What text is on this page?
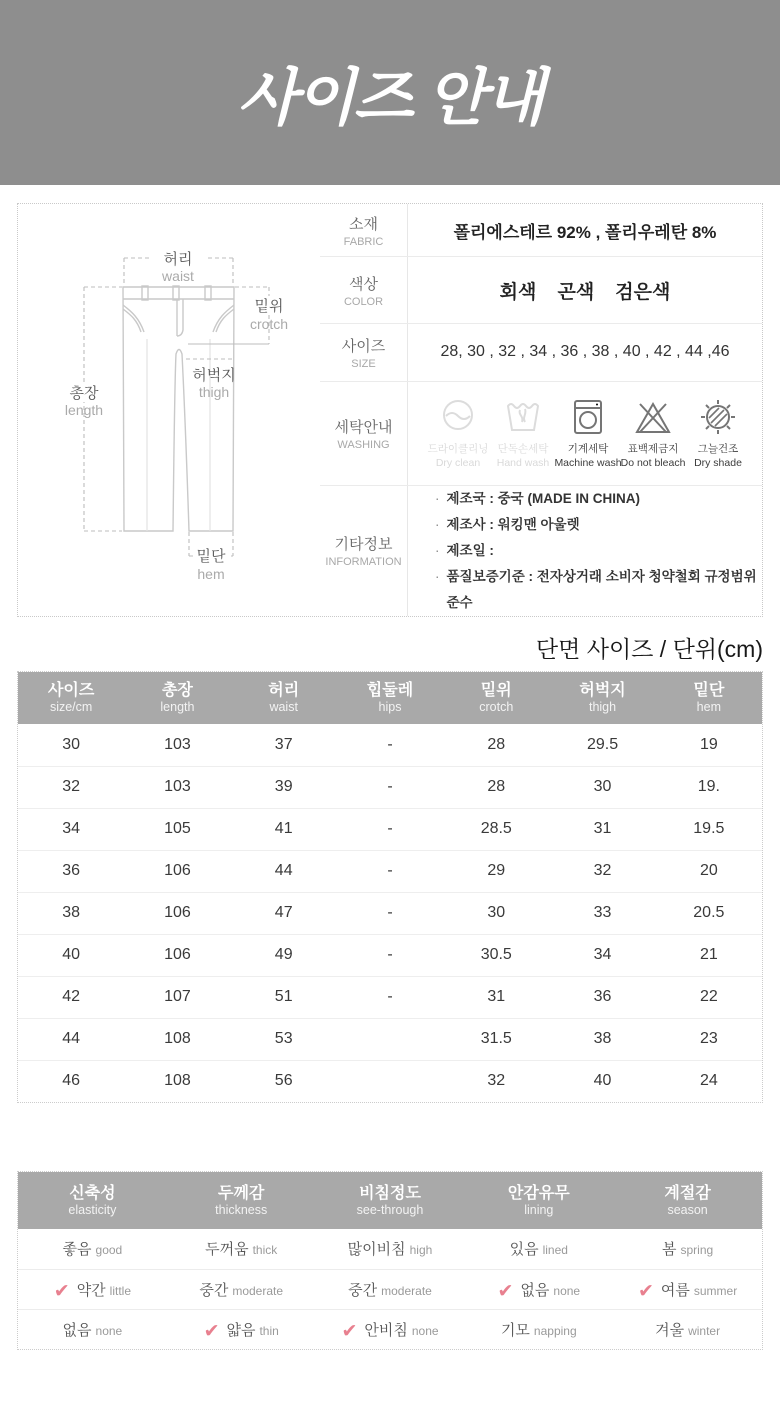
사이즈 안내
허리
waist
밑위
crotch
허벅지
thigh
총장
length
밑단
hem
소재
FABRIC	폴리에스테르 92% , 폴리우레탄 8%
색상
COLOR	회색    곤색    검은색
사이즈
SIZE
28, 30 , 32 , 34 , 36 , 38 , 40 , 42 , 44 ,46
세탁안내
WASHING	드라이클리닝
Dry clean
단독손세탁
Hand wash
기계세탁
Machine wash
표백제금지
Do not bleach
그늘건조
Dry shade
기타정보
INFORMATION
· 제조국 : 중국 (MADE IN CHINA)
· 제조사 : 워킹맨 아울렛
· 제조일 :
· 품질보증기준 : 전자상거래 소비자 청약철회 규정범위 준수
단면 사이즈 / 단위(cm)
사이즈
size/cm	총장
length	허리
waist	힙둘레
hips	밑위
crotch	허벅지
thigh	밑단
hem

30	103	37	-	28	29.5	19
32	103	39	-	28	30	19.
34	105	41	-	28.5	31	19.5
36	106	44	-	29	32	20
38	106	47	-	30	33	20.5
40	106	49	-	30.5	34	21
42	107	51	-	31	36	22
44	108	53		31.5	38	23
46	108	56		32	40	24
신축성
elasticity	두께감
thickness	비침정도
see-through	안감유무
lining	계절감
season

좋음 good	두꺼움 thick	많이비침 high	있음 lined	봄 spring

✔ 약간 little	중간 moderate	중간 moderate	✔ 없음 none	✔ 여름 summer

없음 none	✔ 얇음 thin	✔ 안비침 none	기모 napping	겨울 winter
